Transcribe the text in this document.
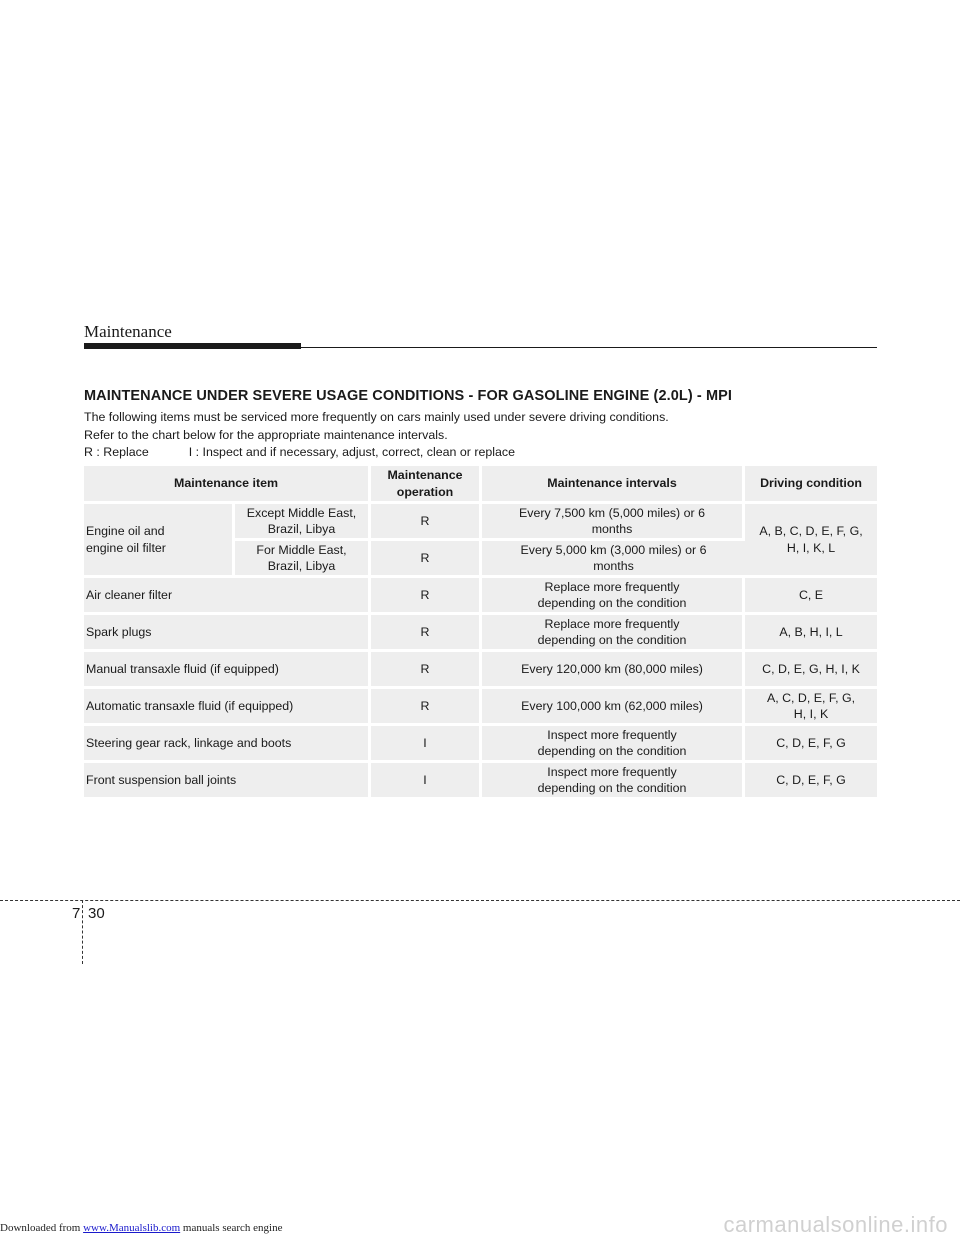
Maintenance
MAINTENANCE UNDER SEVERE USAGE CONDITIONS - FOR GASOLINE ENGINE (2.0L) - MPI
The following items must be serviced more frequently on cars mainly used under severe driving conditions.
Refer to the chart below for the appropriate maintenance intervals.
R : Replace	I : Inspect and if necessary, adjust, correct, clean or replace
Maintenance item		Maintenance operation	Maintenance intervals	Driving condition

Engine oil and engine oil filter	Except Middle East, Brazil, Libya	R	Every 7,500 km (5,000 miles) or 6 months	A, B, C, D, E, F, G, H, I, K, L

	For Middle East, Brazil, Libya	R	Every 5,000 km (3,000 miles) or 6 months	

Air cleaner filter		R	Replace more frequently depending on the condition	C, E
Spark plugs		R	Replace more frequently depending on the condition	A, B, H, I, L
Manual transaxle fluid (if equipped)		R	Every 120,000 km (80,000 miles)	C, D, E, G, H, I, K
Automatic transaxle fluid (if equipped)		R	Every 100,000 km (62,000 miles)	A, C, D, E, F, G, H, I, K

Steering gear rack, linkage and boots		I	Inspect more frequently depending on the condition	C, D, E, F, G
Front suspension ball joints		I	Inspect more frequently depending on the condition	C, D, E, F, G
7 30
Downloaded from www.Manualslib.com manuals search engine	carmanualsonline.info
